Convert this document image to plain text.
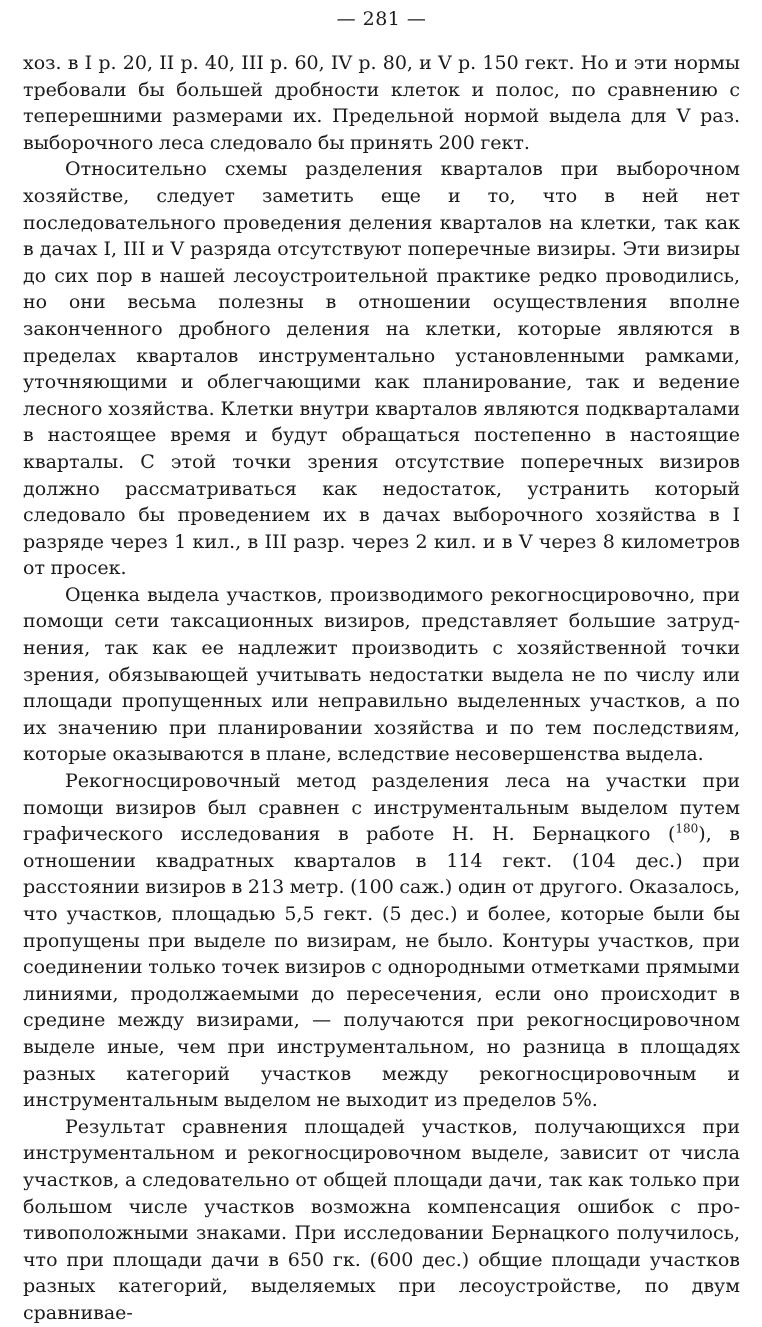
— 281 —

хоз. в I р. 20, II р. 40, III р. 60, IV р. 80, и V р. 150 гект. Но и эти нормы требовали бы большей дробности клеток и полос, по сравнению с теперешними размерами их. Предельной нормой выдела для V раз. выборочного леса следовало бы принять 200 гект.

Относительно схемы разделения кварталов при выборочном хозяйстве, следует заметить еще и то, что в ней нет последовательного проведения деления кварталов на клетки, так как в дачах I, III и V разряда отсутствуют поперечные визиры. Эти визиры до сих пор в нашей лесоустроительной практике редко проводились, но они весьма полезны в отношении осуществления вполне законченного дробного деления на клетки, которые являются в пределах кварталов инструментально установленными рамками, уточняющими и облегчающими как планирование, так и ведение лесного хозяйства. Клетки внутри кварталов являются подкварталами в настоящее время и будут обращаться постепенно в настоящие кварталы. С этой точки зрения отсутствие поперечных визиров должно рассматриваться как недостаток, устранить который следовало бы проведением их в дачах выборочного хозяйства в I разряде через 1 кил., в III разр. через 2 кил. и в V через 8 километров от просек.

Оценка выдела участков, производимого рекогносцировочно, при помощи сети таксационных визиров, представляет большие затруднения, так как ее надлежит производить с хозяйственной точки зрения, обязывающей учитывать недостатки выдела не по числу или площади пропущенных или неправильно выделенных участков, а по их значению при планировании хозяйства и по тем последствиям, которые оказываются в плане, вследствие несовершенства выдела.

Рекогносцировочный метод разделения леса на участки при помощи визиров был сравнен с инструментальным выделом путем графического исследования в работе Н. Н. Бернацкого ($^{180}$), в отношении квадратных кварталов в 114 гект. (104 дес.) при расстоянии визиров в 213 метр. (100 саж.) один от другого. Оказалось, что участков, площадью 5,5 гект. (5 дес.) и более, которые были бы пропущены при выделе по визирам, не было. Контуры участков, при соединении только точек визиров с однородными отметками прямыми линиями, продолжаемыми до пересечения, если оно происходит в средине между визирами, — получаются при рекогносцировочном выделе иные, чем при инструментальном, но разница в площадях разных категорий участков между рекогносцировочным и инструментальным выделом не выходит из пределов 5%.

Результат сравнения площадей участков, получающихся при инструментальном и рекогносцировочном выделе, зависит от числа участков, а следовательно от общей площади дачи, так как только при большом числе участков возможна компенсация ошибок с противоположными знаками. При исследовании Бернацкого получилось, что при площади дачи в 650 гк. (600 дес.) общие площади участков разных категорий, выделяемых при лесоустройстве, по двум сравнивае-
